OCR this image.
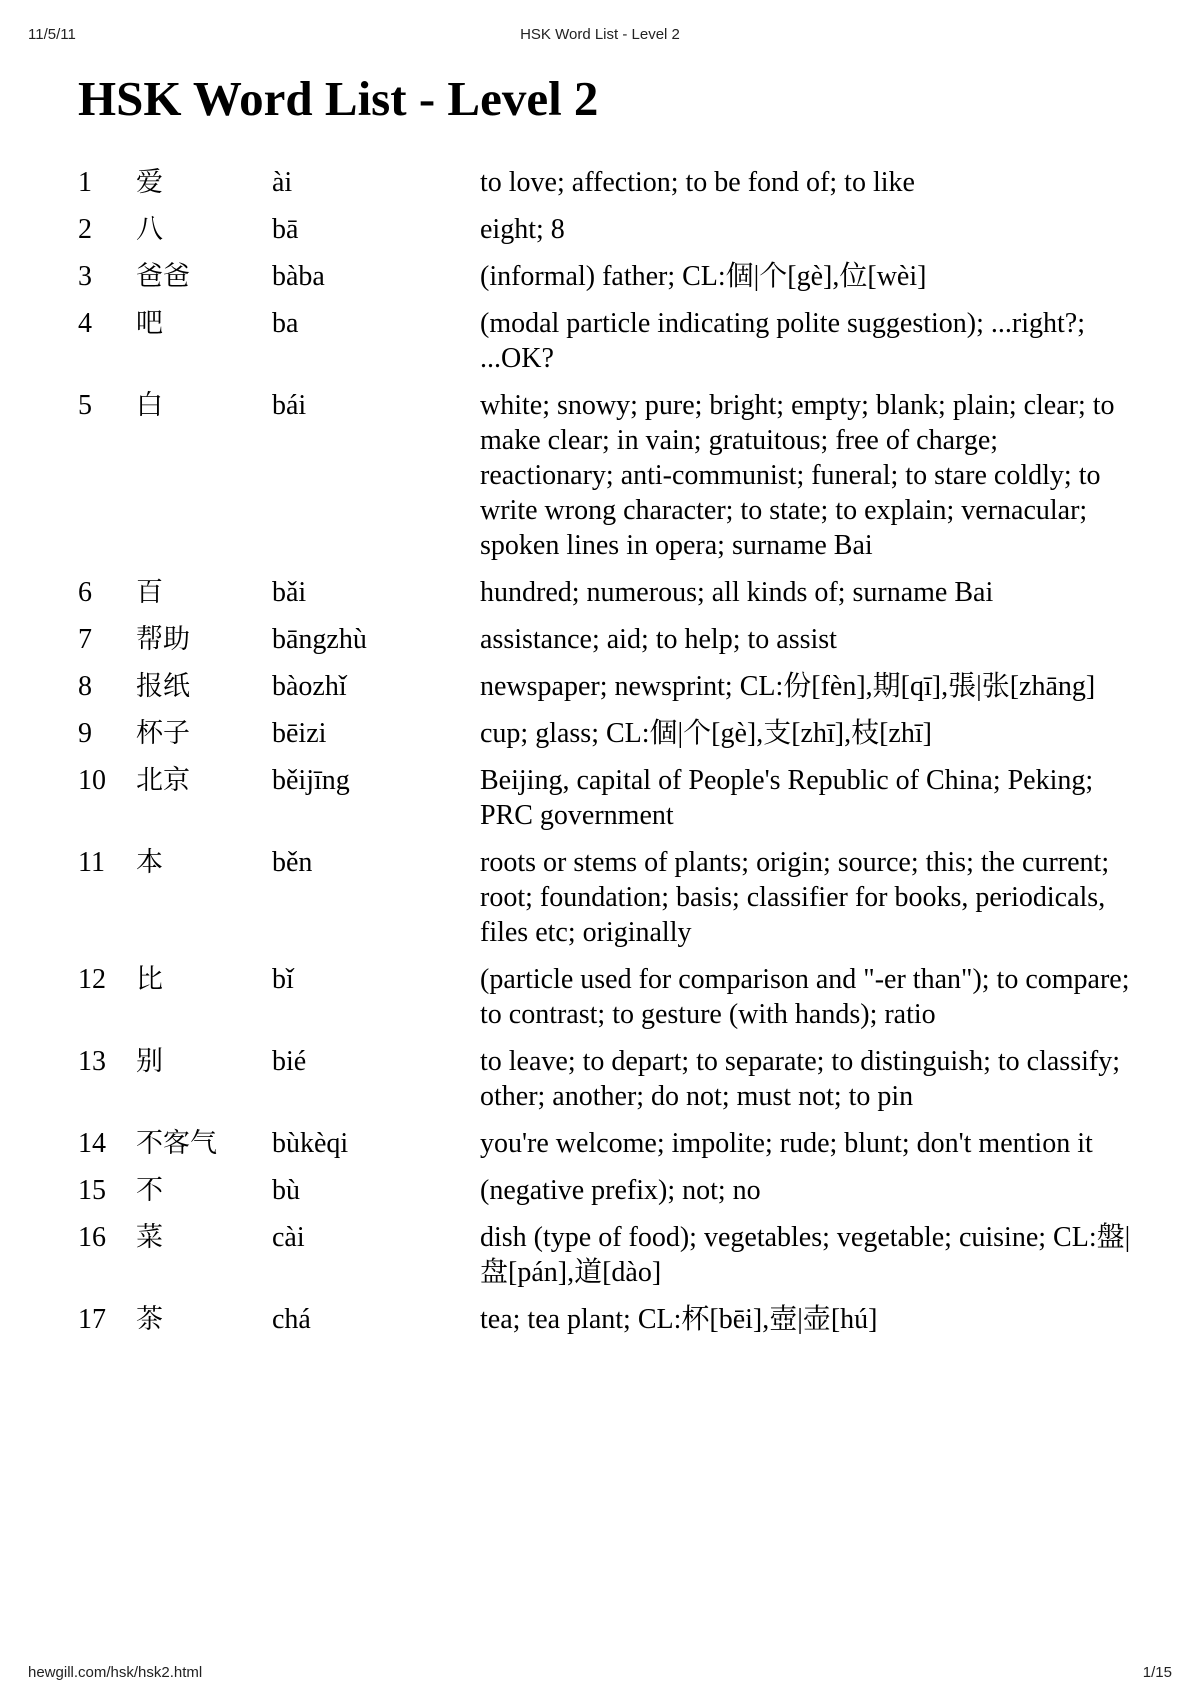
11/5/11	HSK Word List - Level 2
HSK Word List - Level 2
1	爱	ài	to love; affection; to be fond of; to like
2	八	bā	eight; 8
3	爸爸	bàba	(informal) father; CL:個|个[gè],位[wèi]
4	吧	ba	(modal particle indicating polite suggestion); ...right?; ...OK?
5	白	bái	white; snowy; pure; bright; empty; blank; plain; clear; to make clear; in vain; gratuitous; free of charge; reactionary; anti-communist; funeral; to stare coldly; to write wrong character; to state; to explain; vernacular; spoken lines in opera; surname Bai
6	百	bǎi	hundred; numerous; all kinds of; surname Bai
7	帮助	bāngzhù	assistance; aid; to help; to assist
8	报纸	bàozhǐ	newspaper; newsprint; CL:份[fèn],期[qī],張|张[zhāng]
9	杯子	bēizi	cup; glass; CL:個|个[gè],支[zhī],枝[zhī]
10	北京	běijīng	Beijing, capital of People's Republic of China; Peking; PRC government
11	本	běn	roots or stems of plants; origin; source; this; the current; root; foundation; basis; classifier for books, periodicals, files etc; originally
12	比	bǐ	(particle used for comparison and "-er than"); to compare; to contrast; to gesture (with hands); ratio
13	别	bié	to leave; to depart; to separate; to distinguish; to classify; other; another; do not; must not; to pin
14	不客气	bùkèqi	you're welcome; impolite; rude; blunt; don't mention it
15	不	bù	(negative prefix); not; no
16	菜	cài	dish (type of food); vegetables; vegetable; cuisine; CL:盤|盘[pán],道[dào]
17	茶	chá	tea; tea plant; CL:杯[bēi],壺|壶[hú]
hewgill.com/hsk/hsk2.html	1/15
